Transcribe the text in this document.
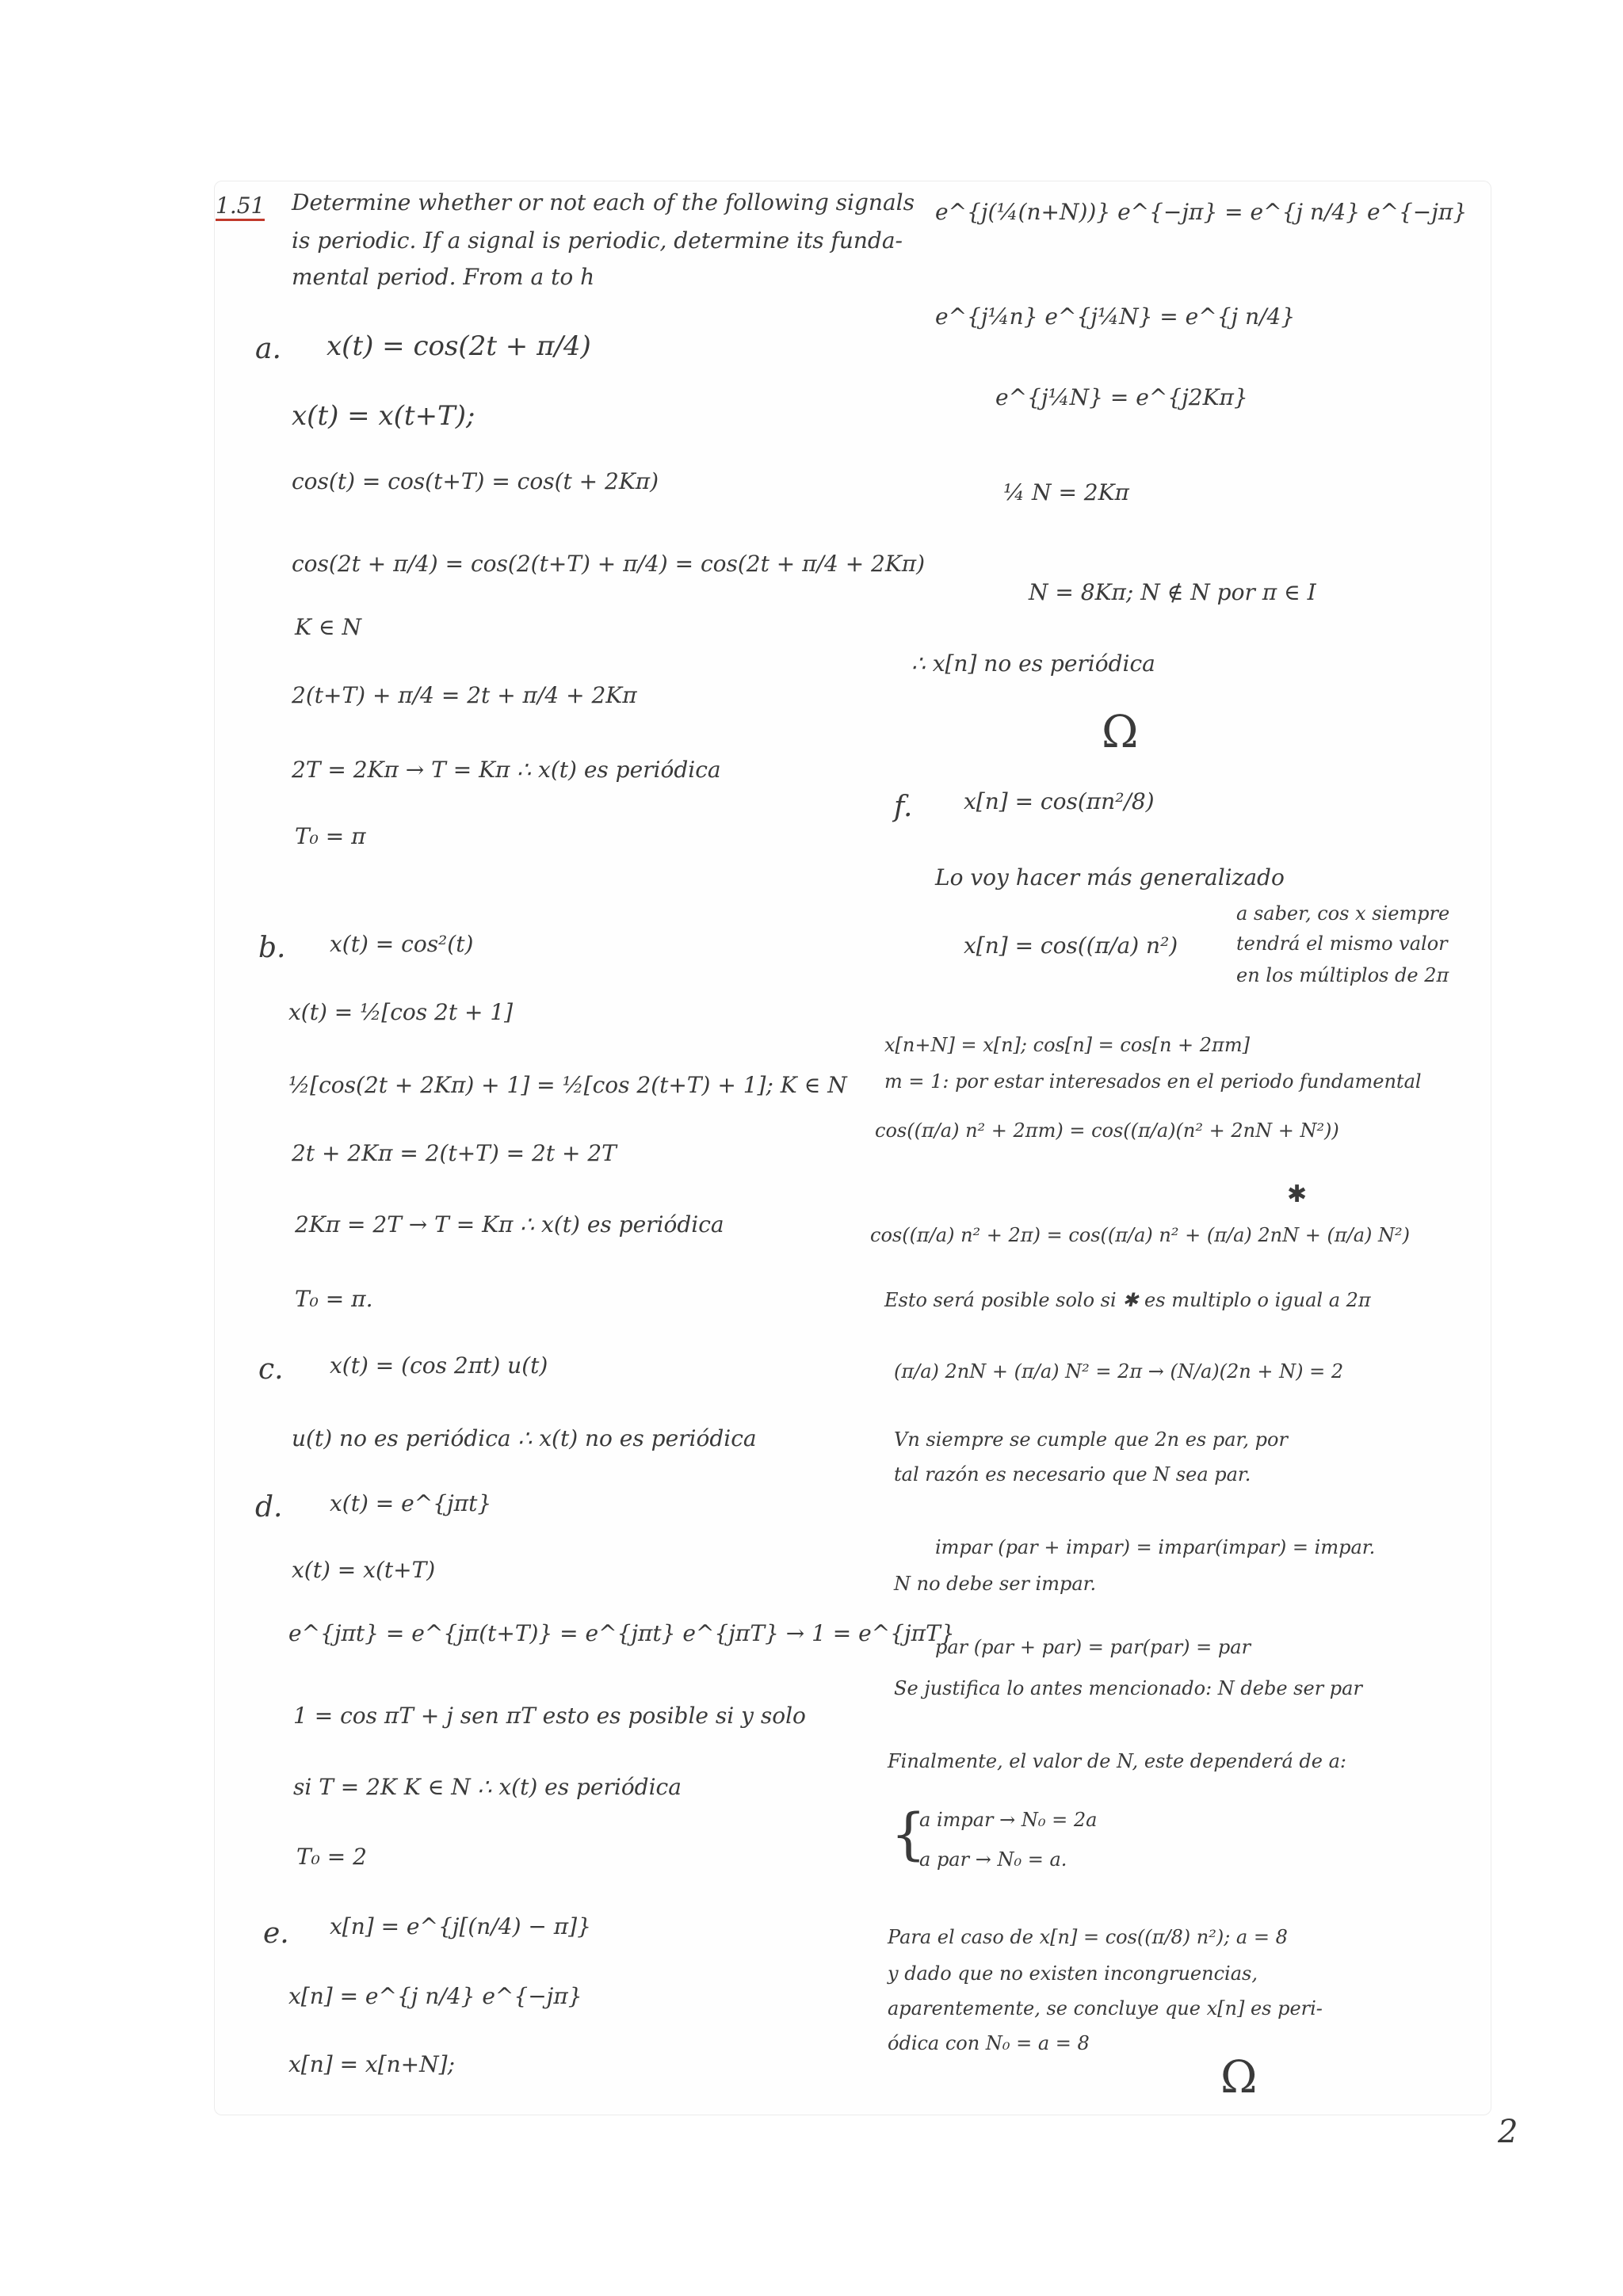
1.51 Determine whether or not each of the following signals
is periodic. If a signal is periodic, determine its funda-
mental period. From a to h
a. x(t) = cos(2t + π/4)
x(t) = x(t+T);
cos(t) = cos(t+T) = cos(t + 2Kπ)
cos(2t + π/4) = cos(2(t+T) + π/4) = cos(2t + π/4 + 2Kπ)
K ∈ N
2(t+T) + π/4 = 2t + π/4 + 2Kπ
2T = 2Kπ → T = Kπ ∴ x(t) es periódica
T₀ = π
b. x(t) = cos²(t)
x(t) = ½[cos 2t + 1]
½[cos(2t + 2Kπ) + 1] = ½[cos 2(t+T) + 1]; K ∈ N
2t + 2Kπ = 2(t+T) = 2t + 2T
2Kπ = 2T → T = Kπ ∴ x(t) es periódica
T₀ = π.
c. x(t) = (cos 2πt) u(t)
u(t) no es periódica ∴ x(t) no es periódica
d. x(t) = e^{jπt}
x(t) = x(t+T)
e^{jπt} = e^{jπ(t+T)} = e^{jπt} e^{jπT} → 1 = e^{jπT}
1 = cos πT + j sen πT esto es posible si y solo
si T = 2K K ∈ N ∴ x(t) es periódica
T₀ = 2
e. x[n] = e^{j[(n/4) − π]}
x[n] = e^{j n/4} e^{−jπ}
x[n] = x[n+N];
e^{j(¼(n+N))} e^{−jπ} = e^{j n/4} e^{−jπ}
e^{j¼n} e^{j¼N} = e^{j n/4}
e^{j¼N} = e^{j2Kπ}
¼ N = 2Kπ
N = 8Kπ; N ∉ N por π ∈ I
∴ x[n] no es periódica
Ω
f. x[n] = cos(πn²/8)
Lo voy hacer más generalizado
x[n] = cos((π/a) n²)
a saber, cos x siempre
tendrá el mismo valor
en los múltiplos de 2π
x[n+N] = x[n]; cos[n] = cos[n + 2πm]
m = 1: por estar interesados en el periodo fundamental
cos((π/a) n² + 2πm) = cos((π/a)(n² + 2nN + N²))
✱
cos((π/a) n² + 2π) = cos((π/a) n² + (π/a) 2nN + (π/a) N²)
Esto será posible solo si ✱ es multiplo o igual a 2π
(π/a) 2nN + (π/a) N² = 2π → (N/a)(2n + N) = 2
Vn siempre se cumple que 2n es par, por
tal razón es necesario que N sea par.
impar (par + impar) = impar(impar) = impar.
N no debe ser impar.
par (par + par) = par(par) = par
Se justifica lo antes mencionado: N debe ser par
Finalmente, el valor de N, este dependerá de a:
{
a impar → N₀ = 2a
a par → N₀ = a.
Para el caso de x[n] = cos((π/8) n²); a = 8
y dado que no existen incongruencias,
aparentemente, se concluye que x[n] es peri-
ódica con N₀ = a = 8
Ω
2
